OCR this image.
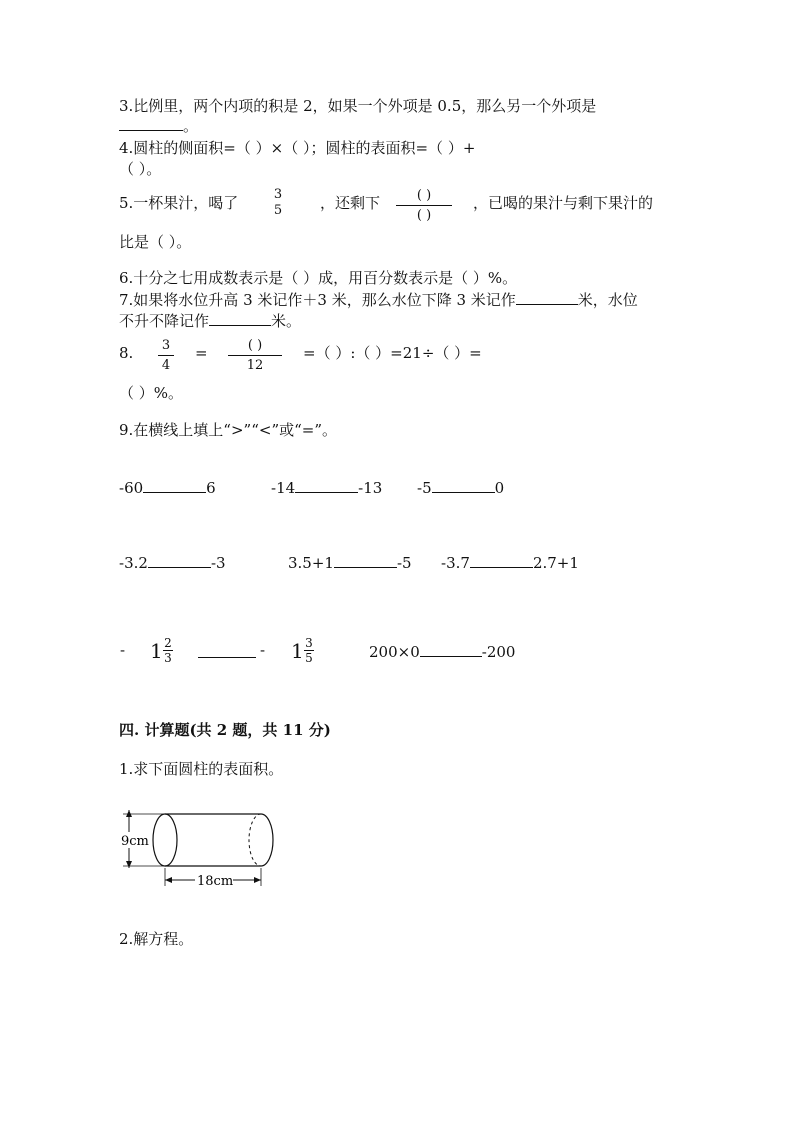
3.比例里，两个内项的积是 2，如果一个外项是 0.5，那么另一个外项是
。
4.圆柱的侧面积=（ ）×（ ）；圆柱的表面积=（ ）+
（ ）。
5.一杯果汁，喝了	3
5	，还剩下	( )
( )
，已喝的果汁与剩下果汁的
比是（ ）。
6.十分之七用成数表示是（ ）成，用百分数表示是（ ）%。
7.如果将水位升高 3 米记作＋3 米，那么水位下降 3 米记作	米，水位
不升不降记作	米。
8. 3
4
=	( )
12
=（ ）:（ ）=21÷（ ）=
（ ）%。
9.在横线上填上“>”“<”或“=”。
-60	6	-14	-13 -5	0
-3.2	-3	3.5+1	-5 -3.7	2.7+1
- 1 2
3	- 1 3
5	200×0	-200
四. 计算题(共 2 题，共 11 分)
1.求下面圆柱的表面积。
9cm
18cm
2.解方程。
